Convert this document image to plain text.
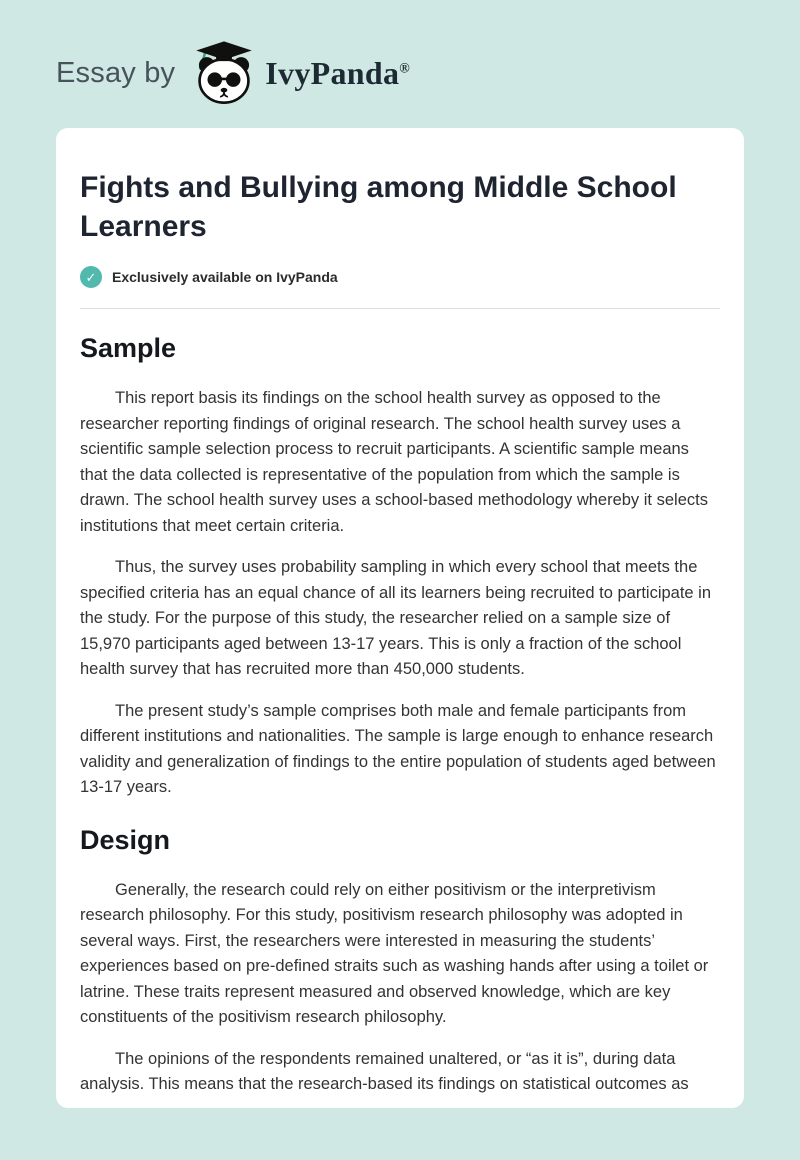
Essay by	IvyPanda®
Fights and Bullying among Middle School Learners
✓	Exclusively available on IvyPanda
Sample

This report basis its findings on the school health survey as opposed to the researcher reporting findings of original research. The school health survey uses a scientific sample selection process to recruit participants. A scientific sample means that the data collected is representative of the population from which the sample is drawn. The school health survey uses a school-based methodology whereby it selects institutions that meet certain criteria.

Thus, the survey uses probability sampling in which every school that meets the specified criteria has an equal chance of all its learners being recruited to participate in the study. For the purpose of this study, the researcher relied on a sample size of 15,970 participants aged between 13-17 years. This is only a fraction of the school health survey that has recruited more than 450,000 students.

The present study’s sample comprises both male and female participants from different institutions and nationalities. The sample is large enough to enhance research validity and generalization of findings to the entire population of students aged between 13-17 years.

Design

Generally, the research could rely on either positivism or the interpretivism research philosophy. For this study, positivism research philosophy was adopted in several ways. First, the researchers were interested in measuring the students’ experiences based on pre-defined straits such as washing hands after using a toilet or latrine. These traits represent measured and observed knowledge, which are key constituents of the positivism research philosophy.

The opinions of the respondents remained unaltered, or “as it is”, during data analysis. This means that the research-based its findings on statistical outcomes as
